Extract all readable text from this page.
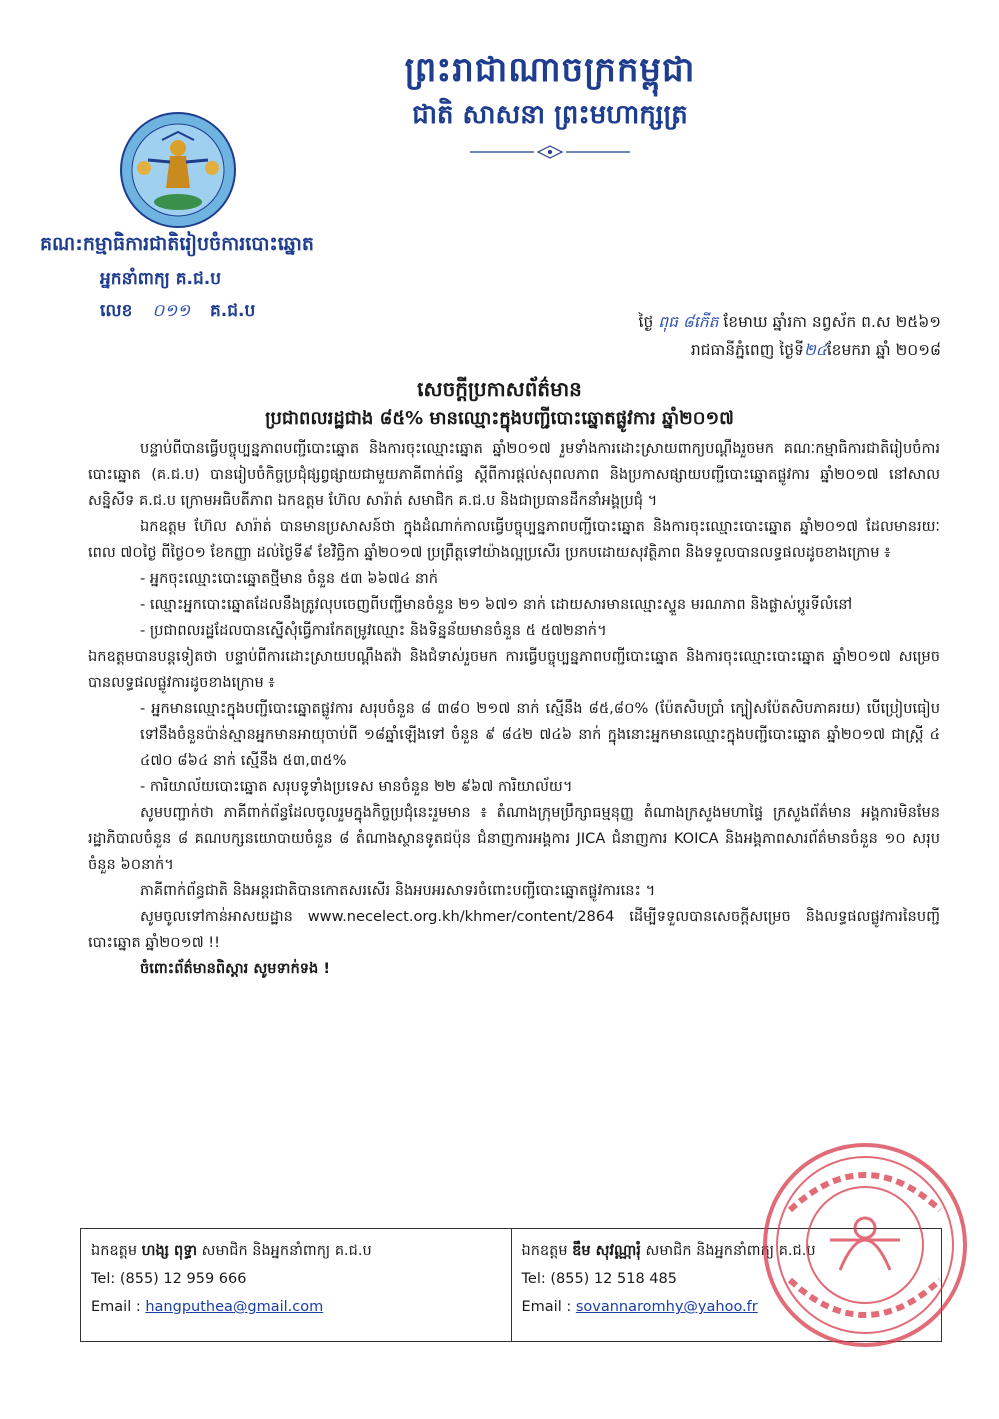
ព្រះរាជាណាចក្រកម្ពុជា
ជាតិ សាសនា ព្រះមហាក្សត្រ
គណ:កម្មាធិការជាតិរៀបចំការបោះឆ្នោត
អ្នកនាំពាក្យ គ.ជ.ប
លេខ ០១១ គ.ជ.ប
ថ្ងៃ ពុធ ៨កើត ខែមាឃ ឆ្នាំរកា នព្វស័ក ព.ស ២៥៦១
រាជធានីភ្នំពេញ ថ្ងៃទី២៤ខែមករា ឆ្នាំ ២០១៨
សេចក្តីប្រកាសព័ត៌មាន
ប្រជាពលរដ្ឋជាង ៨៥% មានឈ្មោះក្នុងបញ្ជីបោះឆ្នោតផ្លូវការ ឆ្នាំ២០១៧

បន្ទាប់ពីបានធ្វើបច្ចុប្បន្នភាពបញ្ជីបោះឆ្នោត និងការចុះឈ្មោះឆ្នោត ឆ្នាំ២០១៧ រួមទាំងការដោះស្រាយពាក្យបណ្តឹងរួចមក គណៈកម្មាធិការជាតិរៀបចំការបោះឆ្នោត (គ.ជ.ប) បានរៀបចំកិច្ចប្រជុំផ្សព្វផ្សាយជាមួយភាគីពាក់ព័ន្ធ ស្តីពីការផ្តល់សុពលភាព និងប្រកាសផ្សាយបញ្ជីបោះឆ្នោតផ្លូវការ ឆ្នាំ២០១៧ នៅសាលសន្និសីទ គ.ជ.ប ក្រោមអធិបតីភាព ឯកឧត្តម ហ៊ែល សារ៉ាត់ សមាជិក គ.ជ.ប និងជាប្រធានដឹកនាំអង្គប្រជុំ ។

ឯកឧត្តម ហ៊ែល សារ៉ាត់ បានមានប្រសាសន៍ថា ក្នុងដំណាក់កាលធ្វើបច្ចុប្បន្នភាពបញ្ជីបោះឆ្នោត និងការចុះឈ្មោះបោះឆ្នោត ឆ្នាំ២០១៧ ដែលមានរយៈពេល ៧០ថ្ងៃ ពីថ្ងៃ០១ ខែកញ្ញា ដល់ថ្ងៃទី៩ ខែវិច្ឆិកា ឆ្នាំ២០១៧ ប្រព្រឹត្តទៅយ៉ាងល្អប្រសើរ ប្រកបដោយសុវត្ថិភាព និងទទួលបានលទ្ធផលដូចខាងក្រោម ៖

- អ្នកចុះឈ្មោះបោះឆ្នោតថ្មីមាន ចំនួន ៥៣ ៦៦៧៤ នាក់

- ឈ្មោះអ្នកបោះឆ្នោតដែលនឹងត្រូវលុបចេញពីបញ្ជីមានចំនួន ២១ ៦៧១ នាក់ ដោយសារមានឈ្មោះស្ទួន មរណភាព និងផ្លាស់ប្តូរទីលំនៅ

- ប្រជាពលរដ្ឋដែលបានស្នើសុំធ្វើការកែតម្រូវឈ្មោះ និងទិន្នន័យមានចំនួន ៥ ៥៧២នាក់។

ឯកឧត្តមបានបន្តទៀតថា បន្ទាប់ពីការដោះស្រាយបណ្តឹងតវ៉ា និងជំទាស់រួចមក ការធ្វើបច្ចុប្បន្នភាពបញ្ជីបោះឆ្នោត និងការចុះឈ្មោះបោះឆ្នោត ឆ្នាំ២០១៧ សម្រេចបានលទ្ធផលផ្លូវការដូចខាងក្រោម ៖

- អ្នកមានឈ្មោះក្នុងបញ្ជីបោះឆ្នោតផ្លូវការ សរុបចំនួន ៨ ៣៨០ ២១៧ នាក់ ស្មើនឹង ៨៥,៨០% (ប៉ែតសិបប្រាំ ក្បៀសប៉ែតសិបភាគរយ) បើប្រៀបធៀបទៅនឹងចំនួនប៉ាន់ស្មានអ្នកមានអាយុចាប់ពី ១៨ឆ្នាំឡើងទៅ ចំនួន ៩ ៨៤២ ៧៤៦ នាក់ ក្នុងនោះអ្នកមានឈ្មោះក្នុងបញ្ជីបោះឆ្នោត ឆ្នាំ២០១៧ ជាស្ត្រី ៤ ៤៧០ ៨៦៤ នាក់ ស្មើនឹង ៥៣,៣៥%

- ការិយាល័យបោះឆ្នោត សរុបទូទាំងប្រទេស មានចំនួន ២២ ៩៦៧ ការិយាល័យ។

សូមបញ្ជាក់ថា ភាគីពាក់ព័ន្ធដែលចូលរួមក្នុងកិច្ចប្រជុំនេះរួមមាន ៖ តំណាងក្រុមប្រឹក្សាធម្មនុញ្ញ តំណាងក្រសួងមហាផ្ទៃ ក្រសួងព័ត៌មាន អង្គការមិនមែនរដ្ឋាភិបាលចំនួន ៨ គណបក្សនយោបាយចំនួន ៨ តំណាងស្ថានទូតជប៉ុន ជំនាញការអង្គការ JICA ជំនាញការ KOICA និងអង្គភាពសារព័ត៌មានចំនួន ១០ សរុបចំនួន ៦០នាក់។

ភាគីពាក់ព័ន្ធជាតិ និងអន្តរជាតិបានកោតសរសើរ និងអបអរសាទរចំពោះបញ្ជីបោះឆ្នោតផ្លូវការនេះ ។

សូមចូលទៅកាន់អាសយដ្ឋាន www.necelect.org.kh/khmer/content/2864 ដើម្បីទទួលបានសេចក្តីសម្រេច និងលទ្ធផលផ្លូវការនៃបញ្ជីបោះឆ្នោត ឆ្នាំ២០១៧ !!

ចំពោះព័ត៌មានពិស្តារ សូមទាក់ទង !

ឯកឧត្តម ហង្ស ពុទ្ធា សមាជិក និងអ្នកនាំពាក្យ គ.ជ.ប
Tel: (855) 12 959 666
Email : hangputhea@gmail.com
ឯកឧត្តម ឌឹម សុវណ្ណារុំ សមាជិក និងអ្នកនាំពាក្យ គ.ជ.ប
Tel: (855) 12 518 485
Email : sovannaromhy@yahoo.fr
